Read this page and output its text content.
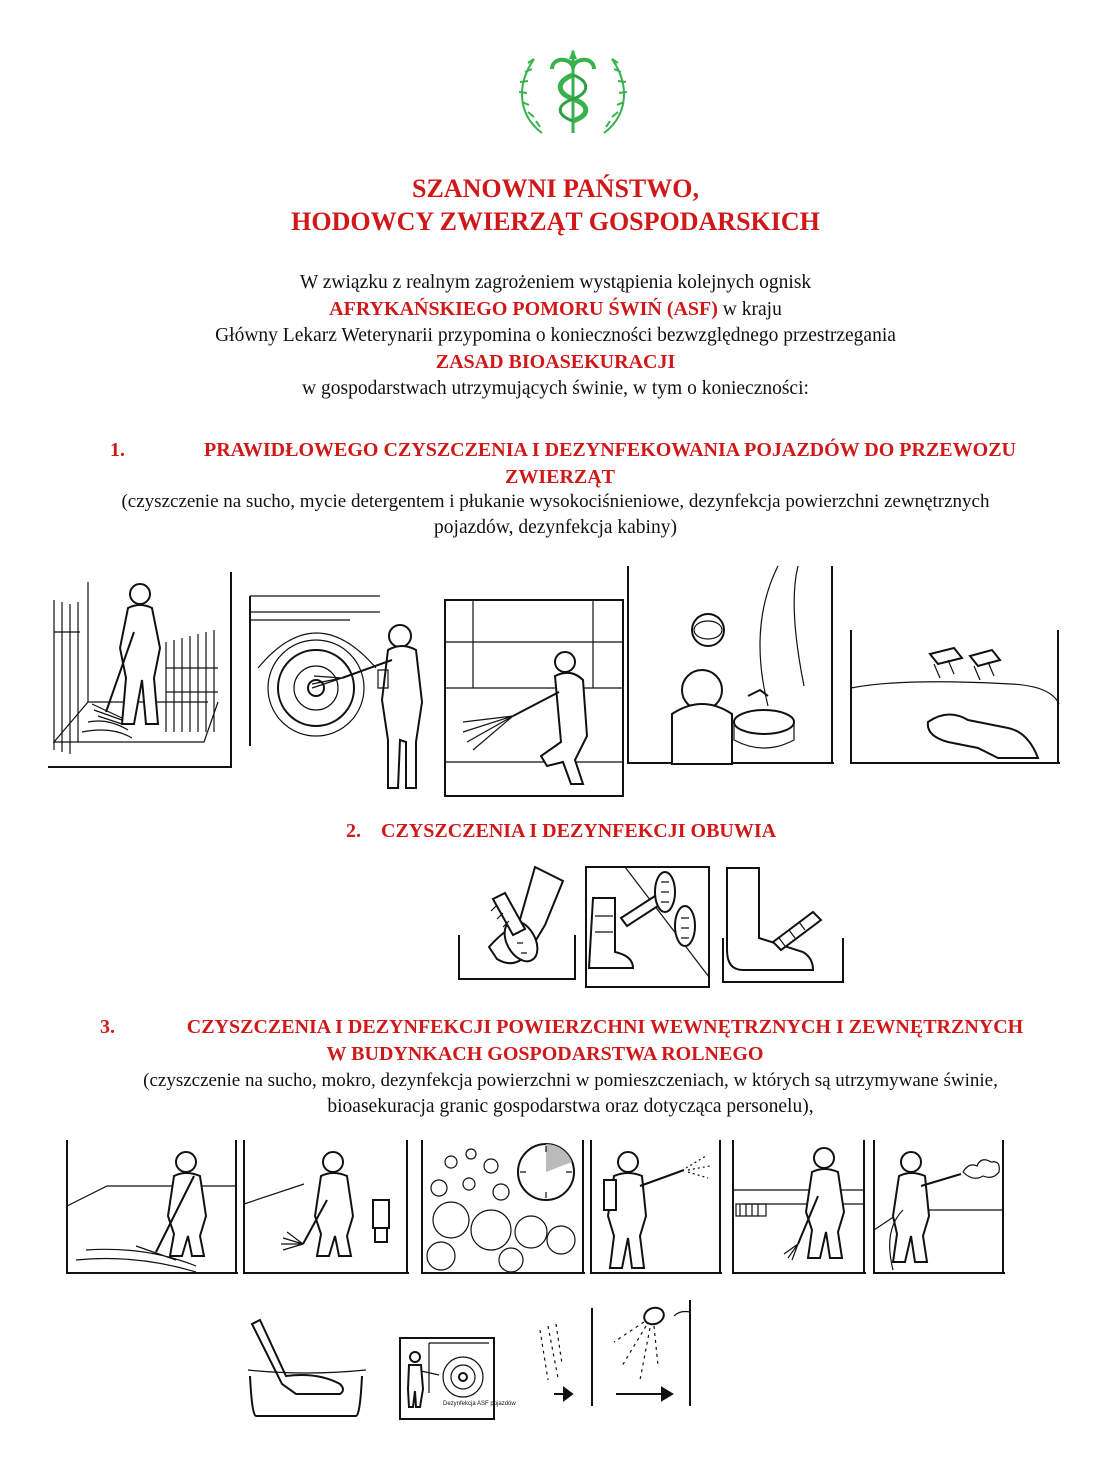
SZANOWNI PAŃSTWO,
HODOWCY ZWIERZĄT GOSPODARSKICH
W związku z realnym zagrożeniem wystąpienia kolejnych ognisk
AFRYKAŃSKIEGO POMORU ŚWIŃ (ASF) w kraju
Główny Lekarz Weterynarii przypomina o konieczności bezwzględnego przestrzegania
ZASAD BIOASEKURACJI
w gospodarstwach utrzymujących świnie, w tym o konieczności:
1.	PRAWIDŁOWEGO CZYSZCZENIA I DEZYNFEKOWANIA POJAZDÓW DO PRZEWOZU
ZWIERZĄT
(czyszczenie na sucho, mycie detergentem i płukanie wysokociśnieniowe, dezynfekcja powierzchni zewnętrznych
pojazdów, dezynfekcja kabiny)
2. CZYSZCZENIA I DEZYNFEKCJI OBUWIA
3.	CZYSZCZENIA I DEZYNFEKCJI POWIERZCHNI WEWNĘTRZNYCH I ZEWNĘTRZNYCH
W BUDYNKACH GOSPODARSTWA ROLNEGO
(czyszczenie na sucho, mokro, dezynfekcja powierzchni w pomieszczeniach, w których są utrzymywane świnie,
bioasekuracja granic gospodarstwa oraz dotycząca personelu),
Dezynfekcja ASF pojazdów
